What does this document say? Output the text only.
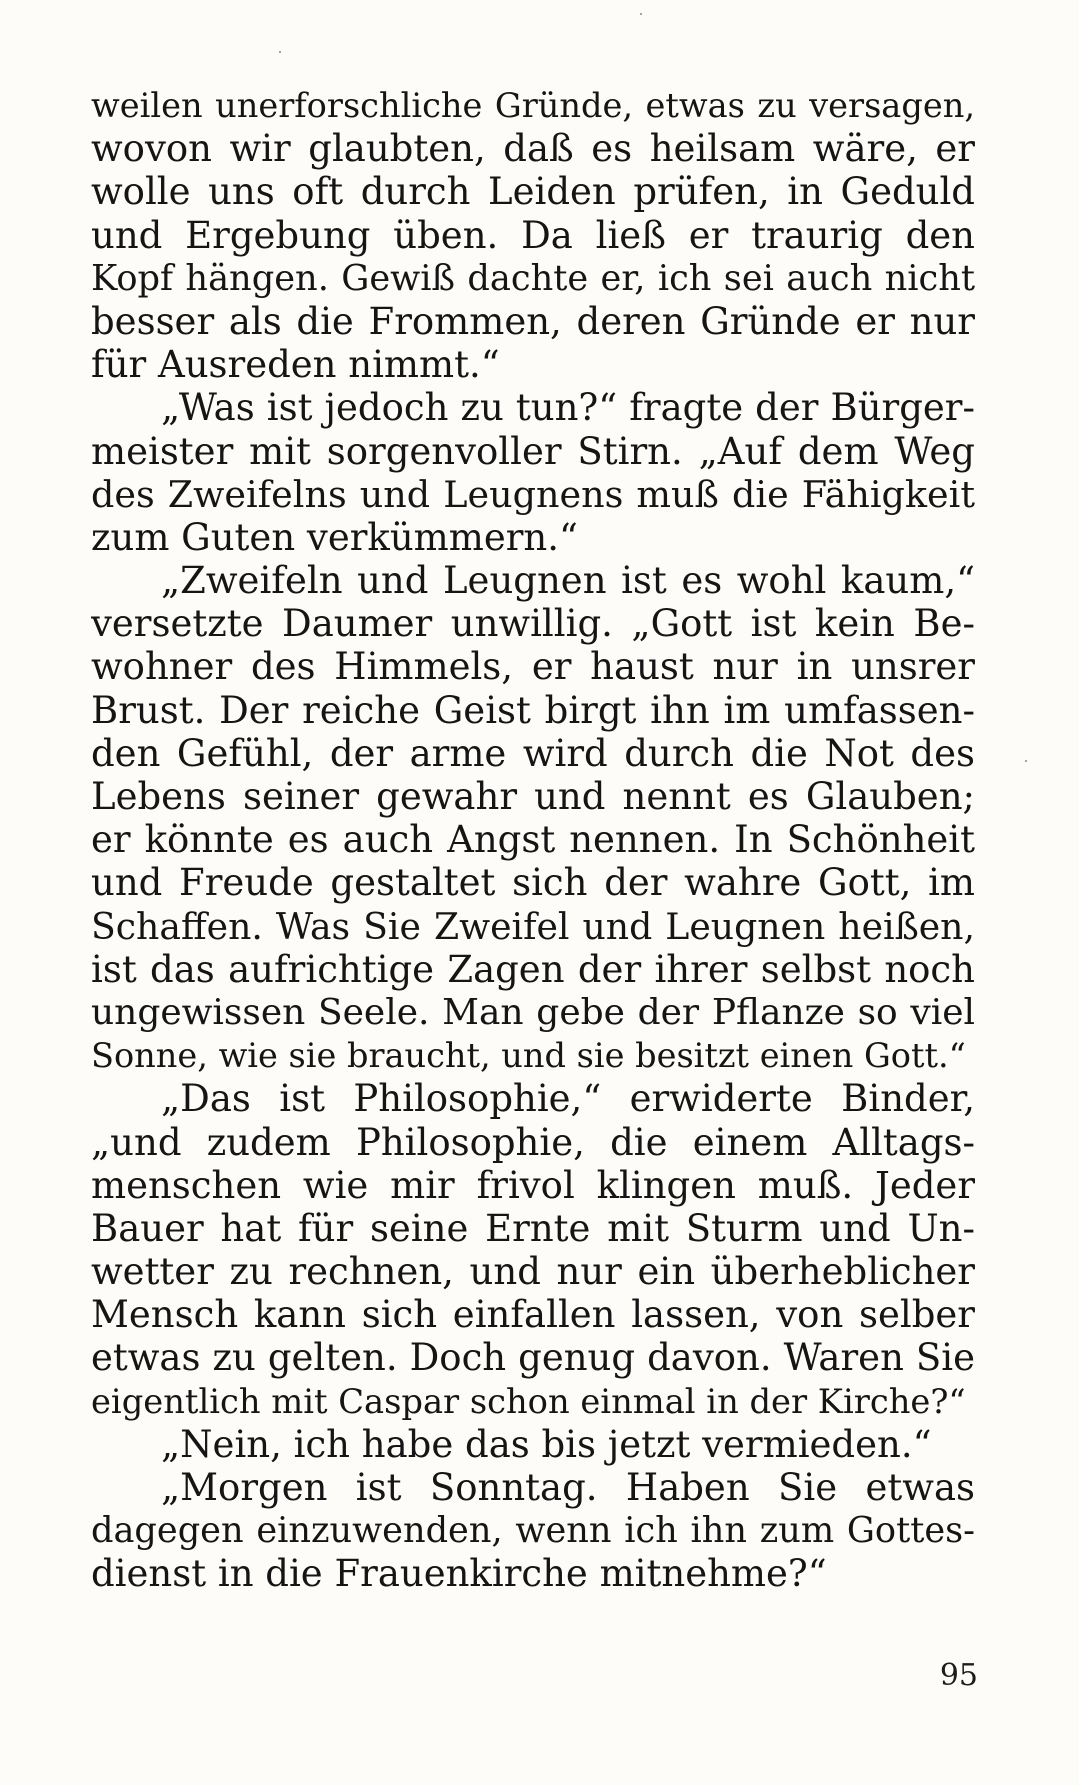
weilen unerforschliche Gründe, etwas zu versagen,
wovon wir glaubten, daß es heilsam wäre, er
wolle uns oft durch Leiden prüfen, in Geduld
und Ergebung üben. Da ließ er traurig den
Kopf hängen. Gewiß dachte er, ich sei auch nicht
besser als die Frommen, deren Gründe er nur
für Ausreden nimmt.“
„Was ist jedoch zu tun?“ fragte der Bürger-
meister mit sorgenvoller Stirn. „Auf dem Weg
des Zweifelns und Leugnens muß die Fähigkeit
zum Guten verkümmern.“
„Zweifeln und Leugnen ist es wohl kaum,“
versetzte Daumer unwillig. „Gott ist kein Be-
wohner des Himmels, er haust nur in unsrer
Brust. Der reiche Geist birgt ihn im umfassen-
den Gefühl, der arme wird durch die Not des
Lebens seiner gewahr und nennt es Glauben;
er könnte es auch Angst nennen. In Schönheit
und Freude gestaltet sich der wahre Gott, im
Schaffen. Was Sie Zweifel und Leugnen heißen,
ist das aufrichtige Zagen der ihrer selbst noch
ungewissen Seele. Man gebe der Pflanze so viel
Sonne, wie sie braucht, und sie besitzt einen Gott.“
„Das ist Philosophie,“ erwiderte Binder,
„und zudem Philosophie, die einem Alltags-
menschen wie mir frivol klingen muß. Jeder
Bauer hat für seine Ernte mit Sturm und Un-
wetter zu rechnen, und nur ein überheblicher
Mensch kann sich einfallen lassen, von selber
etwas zu gelten. Doch genug davon. Waren Sie
eigentlich mit Caspar schon einmal in der Kirche?“
„Nein, ich habe das bis jetzt vermieden.“
„Morgen ist Sonntag. Haben Sie etwas
dagegen einzuwenden, wenn ich ihn zum Gottes-
dienst in die Frauenkirche mitnehme?“
95
